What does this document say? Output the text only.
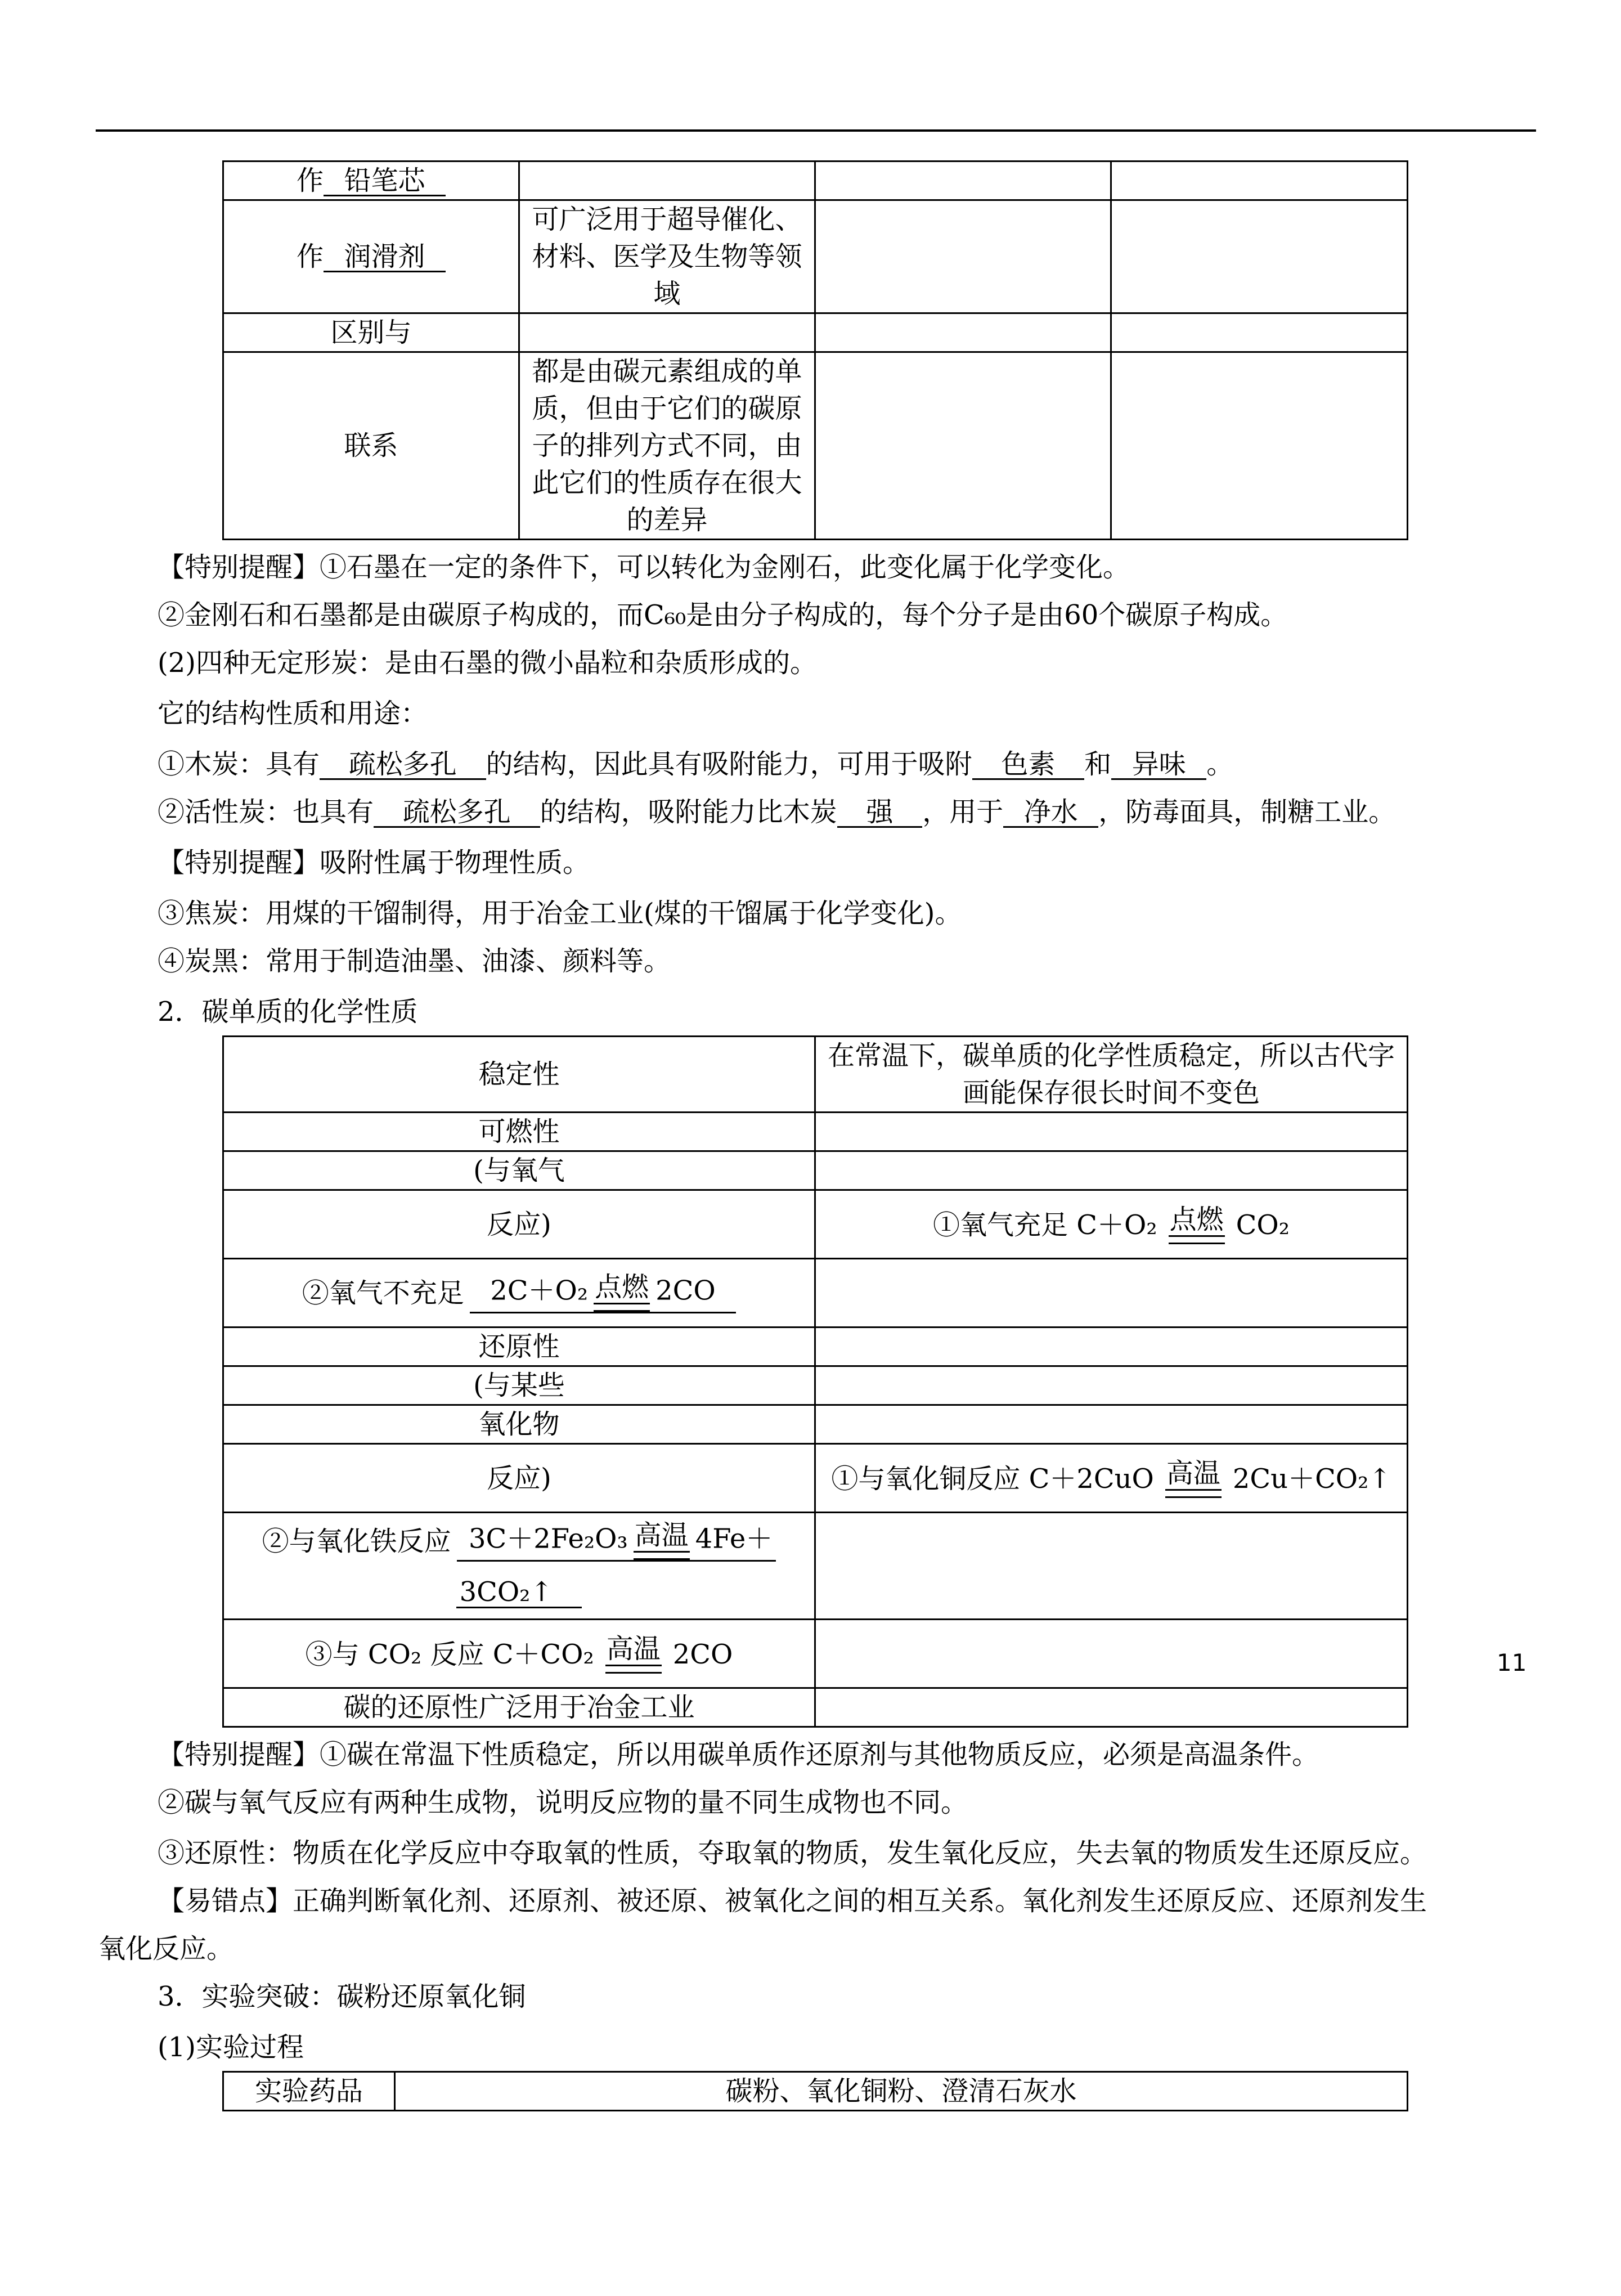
作 铅笔芯			
作 润滑剂	可广泛用于超导催化、材料、医学及生物等领域		
区别与			
联系	都是由碳元素组成的单质，但由于它们的碳原子的排列方式不同，由此它们的性质存在很大的差异		
【特别提醒】①石墨在一定的条件下，可以转化为金刚石，此变化属于化学变化。
②金刚石和石墨都是由碳原子构成的，而C₆₀是由分子构成的，每个分子是由60个碳原子构成。
(2)四种无定形炭：是由石墨的微小晶粒和杂质形成的。
它的结构性质和用途：
①木炭：具有 疏松多孔 的结构，因此具有吸附能力，可用于吸附 色素 和 异味 。
②活性炭：也具有 疏松多孔 的结构，吸附能力比木炭 强 ，用于 净水 ，防毒面具，制糖工业。
【特别提醒】吸附性属于物理性质。
③焦炭：用煤的干馏制得，用于冶金工业(煤的干馏属于化学变化)。
④炭黑：常用于制造油墨、油漆、颜料等。
2．碳单质的化学性质
稳定性	在常温下，碳单质的化学性质稳定，所以古代字画能保存很长时间不变色
可燃性	
(与氧气	
反应)	①氧气充足 C＋O₂ 点燃 CO₂

②氧气不充足 2C＋O₂ 点燃 2CO	

还原性	
(与某些	
氧化物	
反应)	①与氧化铜反应 C＋2CuO 高温 2Cu＋CO₂↑

②与氧化铁反应 3C＋2Fe₂O₃ 高温 4Fe＋

3CO₂↑	

③与 CO₂ 反应 C＋CO₂ 高温 2CO	

碳的还原性广泛用于冶金工业	
【特别提醒】①碳在常温下性质稳定，所以用碳单质作还原剂与其他物质反应，必须是高温条件。
②碳与氧气反应有两种生成物，说明反应物的量不同生成物也不同。
③还原性：物质在化学反应中夺取氧的性质，夺取氧的物质，发生氧化反应，失去氧的物质发生还原反应。
【易错点】正确判断氧化剂、还原剂、被还原、被氧化之间的相互关系。氧化剂发生还原反应、还原剂发生
氧化反应。
3．实验突破：碳粉还原氧化铜
(1)实验过程
实验药品	碳粉、氧化铜粉、澄清石灰水
11
